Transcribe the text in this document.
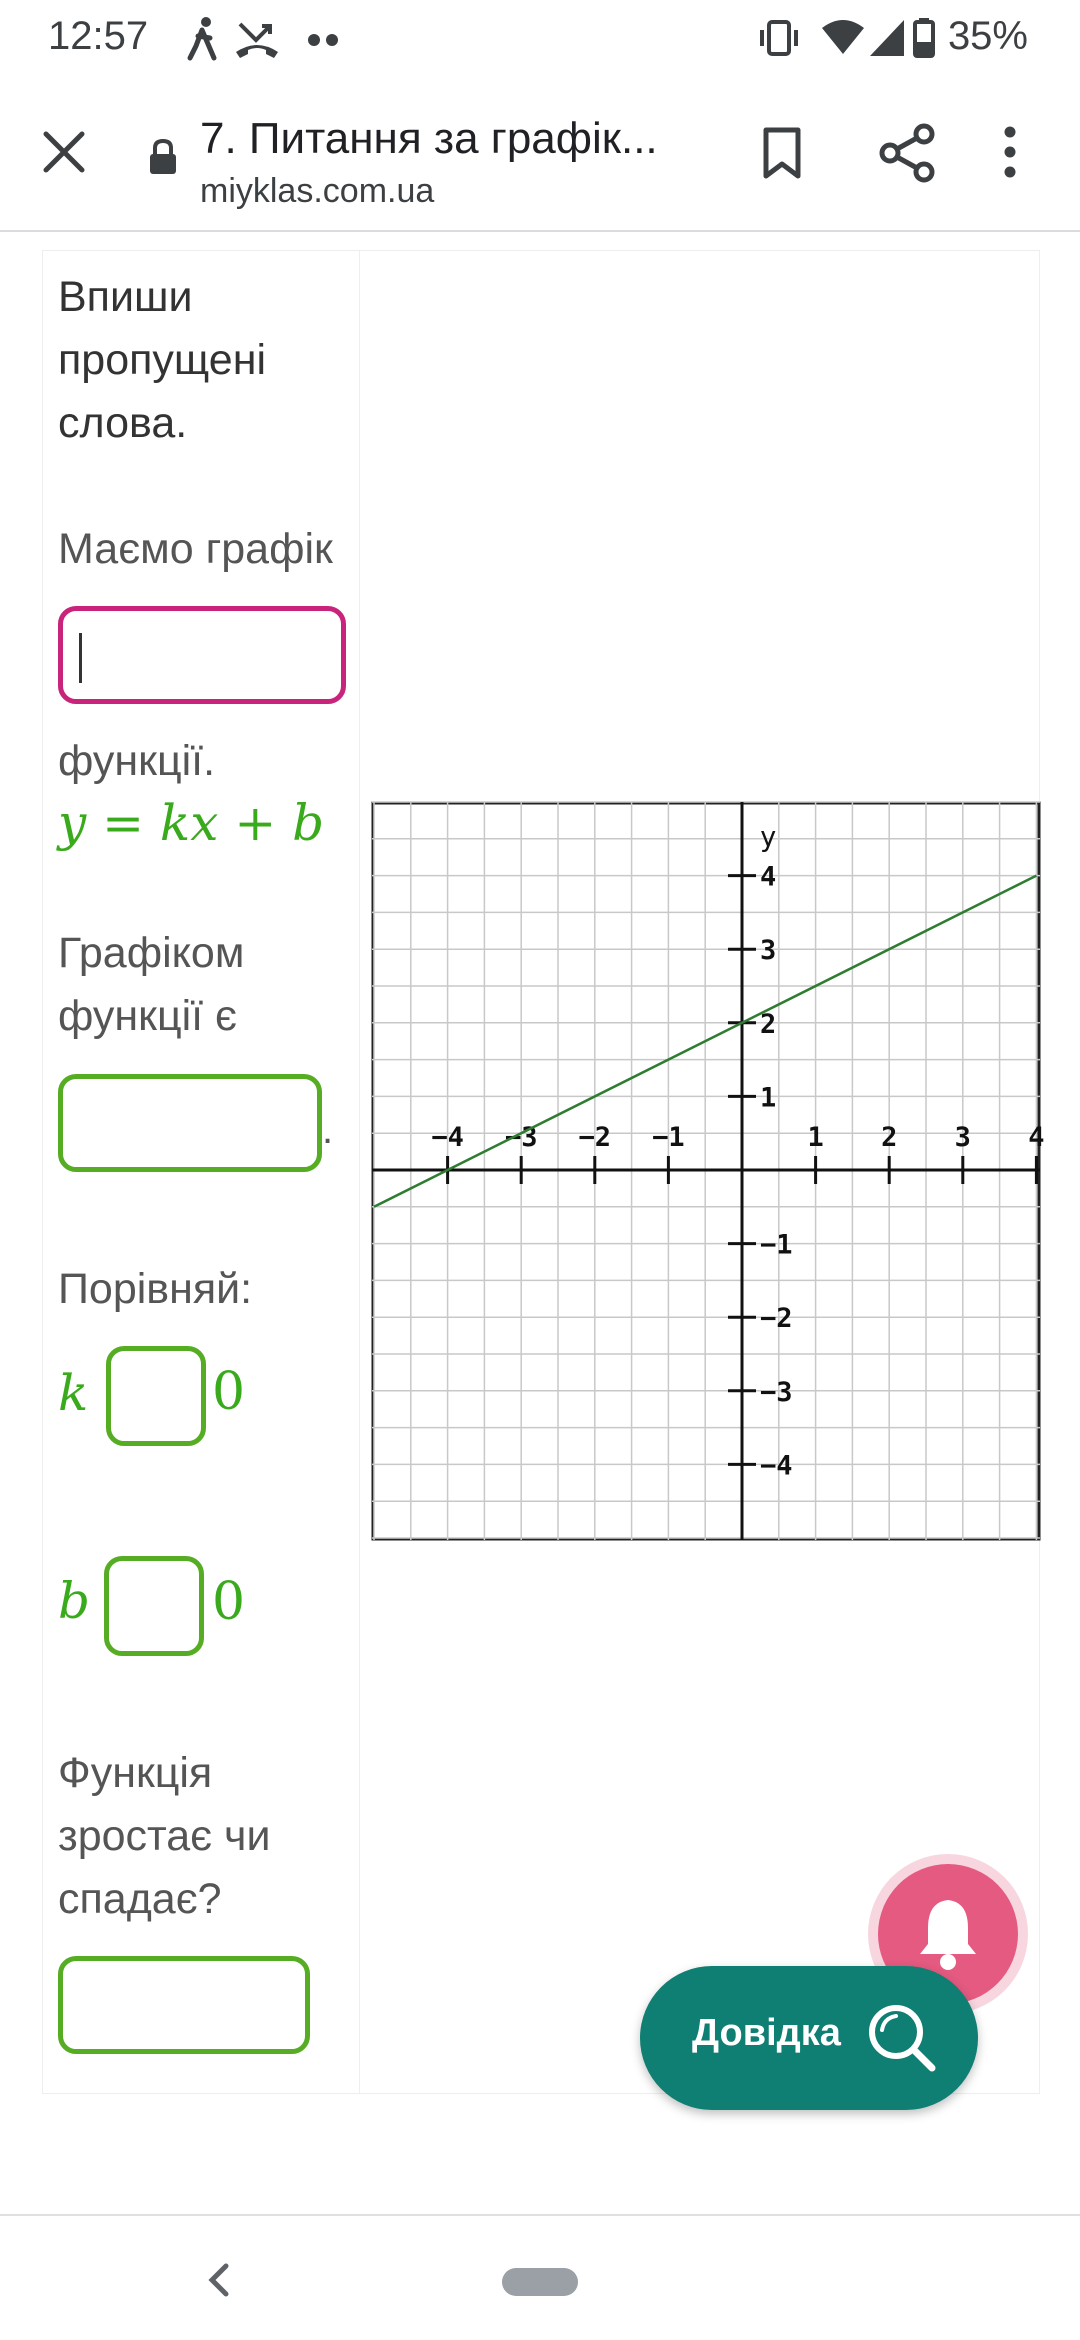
12:57	35%
7. Питання за графік...
miyklas.com.ua
Впиши
пропущені
слова.
Маємо графік
функції.
y = kx + b
Графіком
функції є
.
Порівняй:
k 0
b 0
Функція
зростає чи
спадає?
−4 −3 −2 −1	1 2 3 4
4
3
2
1
−1
−2
−3
−4
y
Довідка
